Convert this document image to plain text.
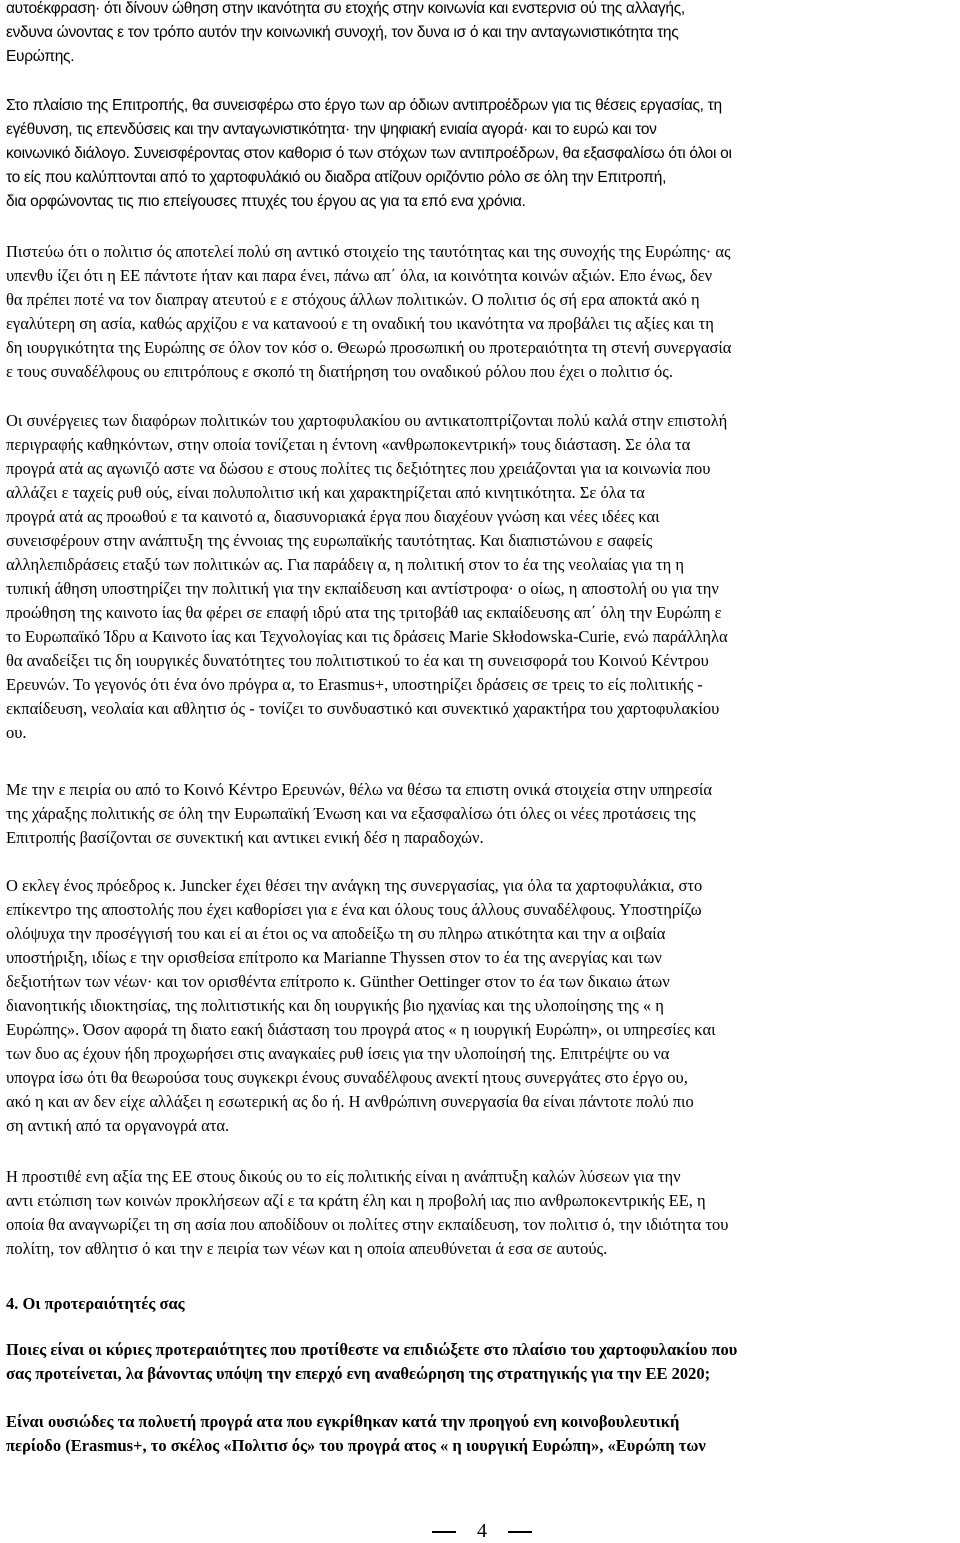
αυτοέκφραση· ότι δίνουν ώθηση στην ικανότητα συ ετοχής στην κοινωνία και ενστερνισ ού της αλλαγής,
ενδυνα ώνοντας ε τον τρόπο αυτόν την κοινωνική συνοχή, τον δυνα ισ ό και την ανταγωνιστικότητα της
Ευρώπης.

Στο πλαίσιο της Επιτροπής, θα συνεισφέρω στο έργο των αρ όδιων αντιπροέδρων για τις θέσεις εργασίας, τη
εγέθυνση, τις επενδύσεις και την ανταγωνιστικότητα· την ψηφιακή ενιαία αγορά· και το ευρώ και τον
κοινωνικό διάλογο. Συνεισφέροντας στον καθορισ ό των στόχων των αντιπροέδρων, θα εξασφαλίσω ότι όλοι οι
το είς που καλύπτονται από το χαρτοφυλάκιό ου διαδρα ατίζουν οριζόντιο ρόλο σε όλη την Επιτροπή,
δια ορφώνοντας τις πιο επείγουσες πτυχές του έργου ας για τα επό ενα χρόνια.

Πιστεύω ότι ο πολιτισ ός αποτελεί πολύ ση αντικό στοιχείο της ταυτότητας και της συνοχής της Ευρώπης· ας
υπενθυ ίζει ότι η ΕΕ πάντοτε ήταν και παρα ένει, πάνω απ΄ όλα, ια κοινότητα κοινών αξιών. Επο ένως, δεν
θα πρέπει ποτέ να τον διαπραγ ατευτού ε ε στόχους άλλων πολιτικών. Ο πολιτισ ός σή ερα αποκτά ακό η
εγαλύτερη ση ασία, καθώς αρχίζου ε να κατανοού ε τη οναδική του ικανότητα να προβάλει τις αξίες και τη
δη ιουργικότητα της Ευρώπης σε όλον τον κόσ ο. Θεωρώ προσωπική ου προτεραιότητα τη στενή συνεργασία
ε τους συναδέλφους ου επιτρόπους ε σκοπό τη διατήρηση του οναδικού ρόλου που έχει ο πολιτισ ός.

Οι συνέργειες των διαφόρων πολιτικών του χαρτοφυλακίου ου αντικατοπτρίζονται πολύ καλά στην επιστολή
περιγραφής καθηκόντων, στην οποία τονίζεται η έντονη «ανθρωποκεντρική» τους διάσταση. Σε όλα τα
προγρά ατά ας αγωνιζό αστε να δώσου ε στους πολίτες τις δεξιότητες που χρειάζονται για ια κοινωνία που
αλλάζει ε ταχείς ρυθ ούς, είναι πολυπολιτισ ική και χαρακτηρίζεται από κινητικότητα. Σε όλα τα
προγρά ατά ας προωθού ε τα καινοτό α, διασυνοριακά έργα που διαχέουν γνώση και νέες ιδέες και
συνεισφέρουν στην ανάπτυξη της έννοιας της ευρωπαϊκής ταυτότητας. Και διαπιστώνου ε σαφείς
αλληλεπιδράσεις εταξύ των πολιτικών ας. Για παράδειγ α, η πολιτική στον το έα της νεολαίας για τη η
τυπική άθηση υποστηρίζει την πολιτική για την εκπαίδευση και αντίστροφα· ο οίως, η αποστολή ου για την
προώθηση της καινοτο ίας θα φέρει σε επαφή ιδρύ ατα της τριτοβάθ ιας εκπαίδευσης απ΄ όλη την Ευρώπη ε
το Ευρωπαϊκό Ίδρυ α Καινοτο ίας και Τεχνολογίας και τις δράσεις Marie Skłodowska-Curie, ενώ παράλληλα
θα αναδείξει τις δη ιουργικές δυνατότητες του πολιτιστικού το έα και τη συνεισφορά του Κοινού Κέντρου
Ερευνών. Το γεγονός ότι ένα όνο πρόγρα α, το Erasmus+, υποστηρίζει δράσεις σε τρεις το είς πολιτικής -
εκπαίδευση, νεολαία και αθλητισ ός - τονίζει το συνδυαστικό και συνεκτικό χαρακτήρα του χαρτοφυλακίου
ου.

Με την ε πειρία ου από το Κοινό Κέντρο Ερευνών, θέλω να θέσω τα επιστη ονικά στοιχεία στην υπηρεσία
της χάραξης πολιτικής σε όλη την Ευρωπαϊκή Ένωση και να εξασφαλίσω ότι όλες οι νέες προτάσεις της
Επιτροπής βασίζονται σε συνεκτική και αντικει ενική δέσ η παραδοχών.

Ο εκλεγ ένος πρόεδρος κ. Juncker έχει θέσει την ανάγκη της συνεργασίας, για όλα τα χαρτοφυλάκια, στο
επίκεντρο της αποστολής που έχει καθορίσει για ε ένα και όλους τους άλλους συναδέλφους. Υποστηρίζω
ολόψυχα την προσέγγισή του και εί αι έτοι ος να αποδείξω τη συ πληρω ατικότητα και την α οιβαία
υποστήριξη, ιδίως ε την ορισθείσα επίτροπο κα Marianne Thyssen στον το έα της ανεργίας και των
δεξιοτήτων των νέων· και τον ορισθέντα επίτροπο κ. Günther Oettinger στον το έα των δικαιω άτων
διανοητικής ιδιοκτησίας, της πολιτιστικής και δη ιουργικής βιο ηχανίας και της υλοποίησης της « η
Ευρώπης». Όσον αφορά τη διατο εακή διάσταση του προγρά ατος « η ιουργική Ευρώπη», οι υπηρεσίες και
των δυο ας έχουν ήδη προχωρήσει στις αναγκαίες ρυθ ίσεις για την υλοποίησή της. Επιτρέψτε ου να
υπογρα ίσω ότι θα θεωρούσα τους συγκεκρι ένους συναδέλφους ανεκτί ητους συνεργάτες στο έργο ου,
ακό η και αν δεν είχε αλλάξει η εσωτερική ας δο ή. Η ανθρώπινη συνεργασία θα είναι πάντοτε πολύ πιο
ση αντική από τα οργανογρά ατα.

Η προστιθέ ενη αξία της ΕΕ στους δικούς ου το είς πολιτικής είναι η ανάπτυξη καλών λύσεων για την
αντι ετώπιση των κοινών προκλήσεων αζί ε τα κράτη έλη και η προβολή ιας πιο ανθρωποκεντρικής ΕΕ, η
οποία θα αναγνωρίζει τη ση ασία που αποδίδουν οι πολίτες στην εκπαίδευση, τον πολιτισ ό, την ιδιότητα του
πολίτη, τον αθλητισ ό και την ε πειρία των νέων και η οποία απευθύνεται ά εσα σε αυτούς.

4. Οι προτεραιότητές σας

Ποιες είναι οι κύριες προτεραιότητες που προτίθεστε να επιδιώξετε στο πλαίσιο του χαρτοφυλακίου που
σας προτείνεται, λα βάνοντας υπόψη την επερχό ενη αναθεώρηση της στρατηγικής για την ΕΕ 2020;

Είναι ουσιώδες τα πολυετή προγρά ατα που εγκρίθηκαν κατά την προηγού ενη κοινοβουλευτική
περίοδο (Erasmus+, το σκέλος «Πολιτισ ός» του προγρά ατος « η ιουργική Ευρώπη», «Ευρώπη των

4
